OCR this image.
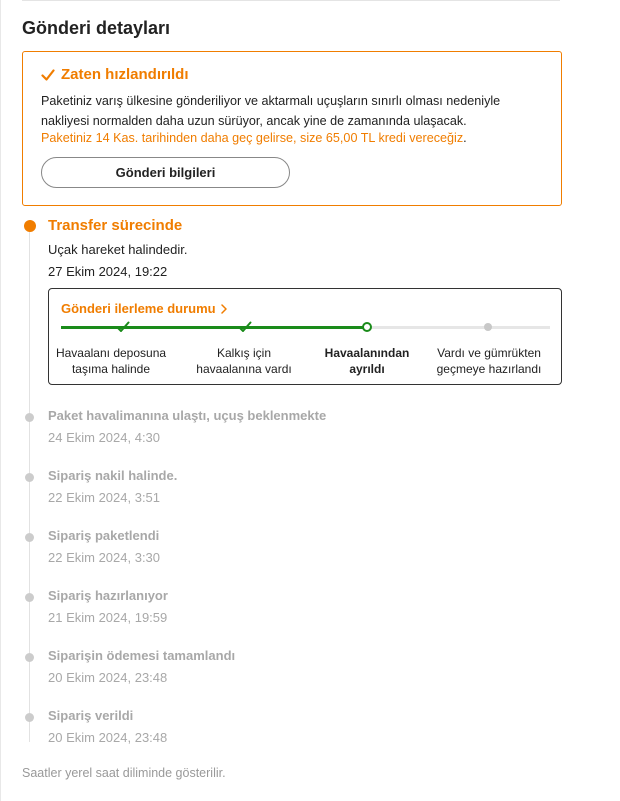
Gönderi detayları
Zaten hızlandırıldı

Paketiniz varış ülkesine gönderiliyor ve aktarmalı uçuşların sınırlı olması nedeniyle nakliyesi normalden daha uzun sürüyor, ancak yine de zamanında ulaşacak.

Paketiniz 14 Kas. tarihinden daha geç gelirse, size 65,00 TL kredi vereceğiz.

Gönderi bilgileri
Transfer sürecinde
Uçak hareket halindedir.
27 Ekim 2024, 19:22
Gönderi ilerleme durumu
Havaalanı deposuna
taşıma halinde
Kalkış için
havaalanına vardı
Havaalanından
ayrıldı
Vardı ve gümrükten
geçmeye hazırlandı
Paket havalimanına ulaştı, uçuş beklenmekte
24 Ekim 2024, 4:30
Sipariş nakil halinde.
22 Ekim 2024, 3:51
Sipariş paketlendi
22 Ekim 2024, 3:30
Sipariş hazırlanıyor
21 Ekim 2024, 19:59
Siparişin ödemesi tamamlandı
20 Ekim 2024, 23:48
Sipariş verildi
20 Ekim 2024, 23:48

Saatler yerel saat diliminde gösterilir.
